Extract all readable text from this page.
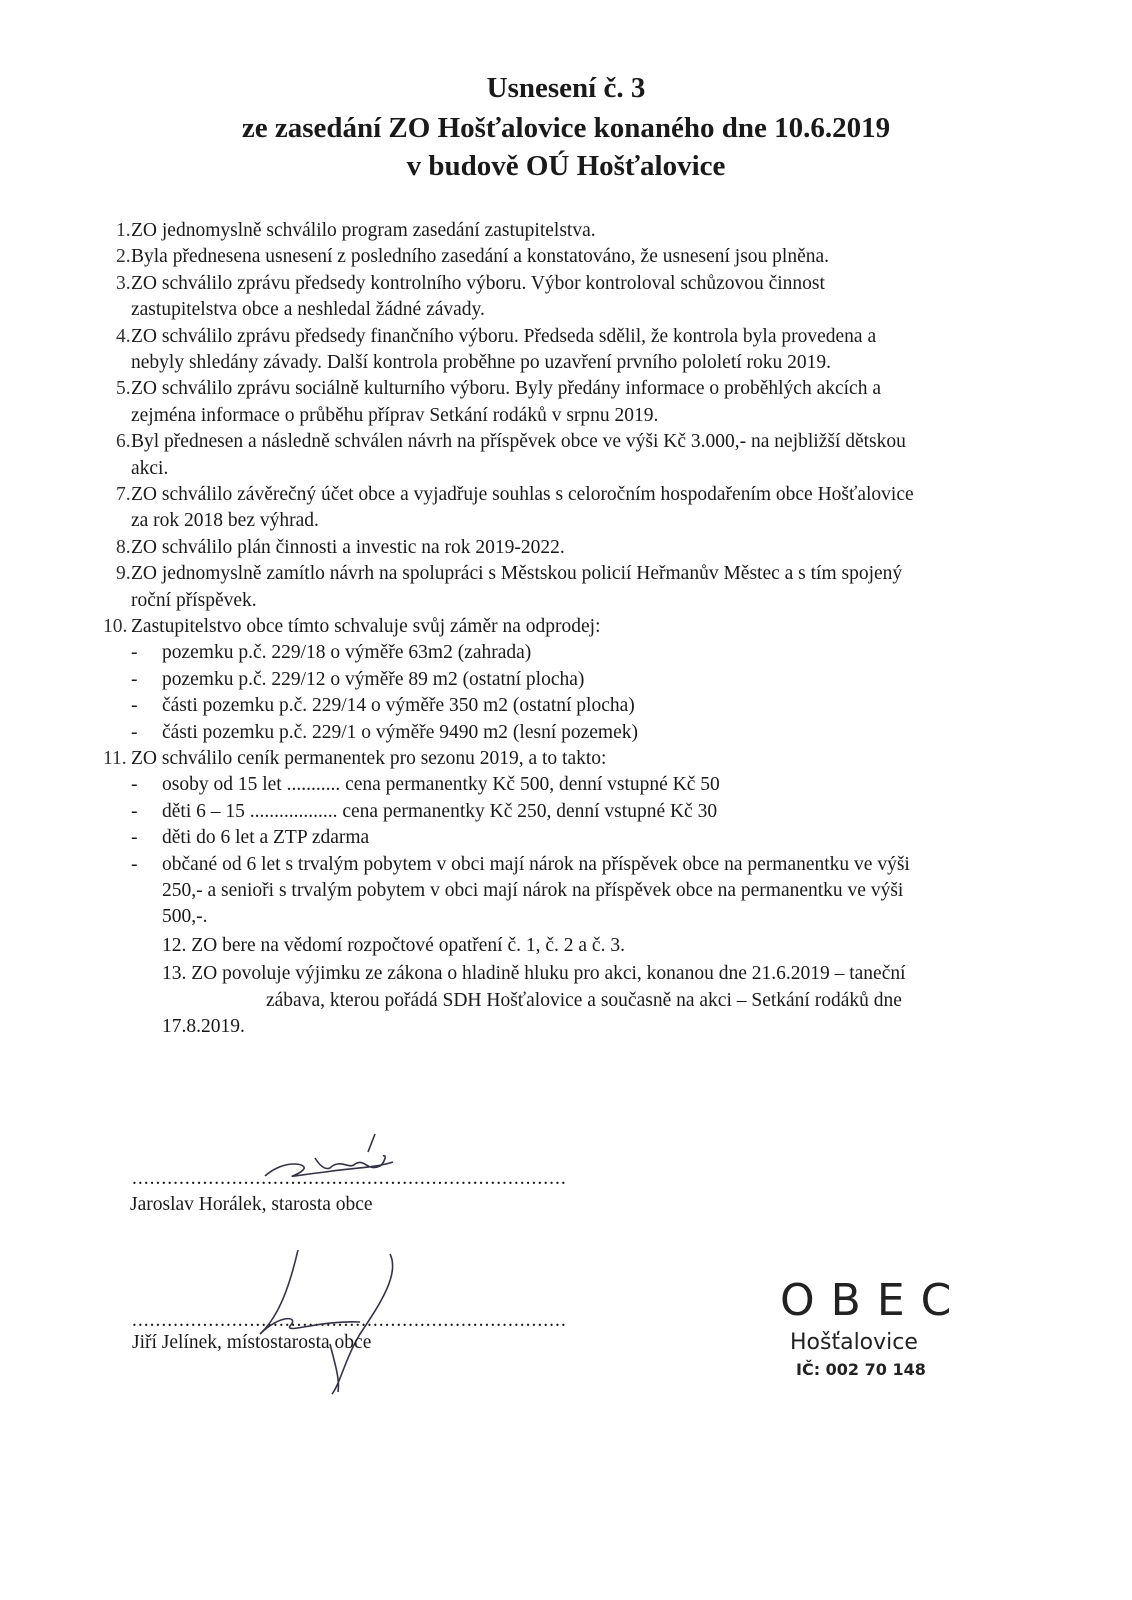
Usnesení č. 3
ze zasedání ZO Hošťalovice konaného dne 10.6.2019
v budově OÚ Hošťalovice
1. ZO jednomyslně schválilo program zasedání zastupitelstva.
2. Byla přednesena usnesení z posledního zasedání a konstatováno, že usnesení jsou plněna.
3. ZO schválilo zprávu předsedy kontrolního výboru. Výbor kontroloval schůzovou činnost
zastupitelstva obce a neshledal žádné závady.
4. ZO schválilo zprávu předsedy finančního výboru. Předseda sdělil, že kontrola byla provedena a
nebyly shledány závady. Další kontrola proběhne po uzavření prvního pololetí roku 2019.
5. ZO schválilo zprávu sociálně kulturního výboru. Byly předány informace o proběhlých akcích a
zejména informace o průběhu příprav Setkání rodáků v srpnu 2019.
6. Byl přednesen a následně schválen návrh na příspěvek obce ve výši Kč 3.000,- na nejbližší dětskou
akci.
7. ZO schválilo závěrečný účet obce a vyjadřuje souhlas s celoročním hospodařením obce Hošťalovice
za rok 2018 bez výhrad.
8. ZO schválilo plán činnosti a investic na rok 2019-2022.
9. ZO jednomyslně zamítlo návrh na spolupráci s Městskou policií Heřmanův Městec a s tím spojený
roční příspěvek.
10. Zastupitelstvo obce tímto schvaluje svůj záměr na odprodej:
- pozemku p.č. 229/18 o výměře 63m2 (zahrada)
- pozemku p.č. 229/12 o výměře 89 m2 (ostatní plocha)
- části pozemku p.č. 229/14 o výměře 350 m2 (ostatní plocha)
- části pozemku p.č. 229/1 o výměře 9490 m2 (lesní pozemek)
11. ZO schválilo ceník permanentek pro sezonu 2019, a to takto:
- osoby od 15 let ........... cena permanentky Kč 500, denní vstupné Kč 50
- děti 6 – 15 .................. cena permanentky Kč 250, denní vstupné Kč 30
- děti do 6 let a ZTP zdarma
- občané od 6 let s trvalým pobytem v obci mají nárok na příspěvek obce na permanentku ve výši
250,- a senioři s trvalým pobytem v obci mají nárok na příspěvek obce na permanentku ve výši
500,-.
12. ZO bere na vědomí rozpočtové opatření č. 1, č. 2 a č. 3.
13. ZO povoluje výjimku ze zákona o hladině hluku pro akci, konanou dne 21.6.2019 – taneční
zábava, kterou pořádá SDH Hošťalovice a současně na akci – Setkání rodáků dne
17.8.2019.
..........................................................................
Jaroslav Horálek, starosta obce
..........................................................................
Jiří Jelínek, místostarosta obce
OBEC
Hošťalovice
IČ: 002 70 148
